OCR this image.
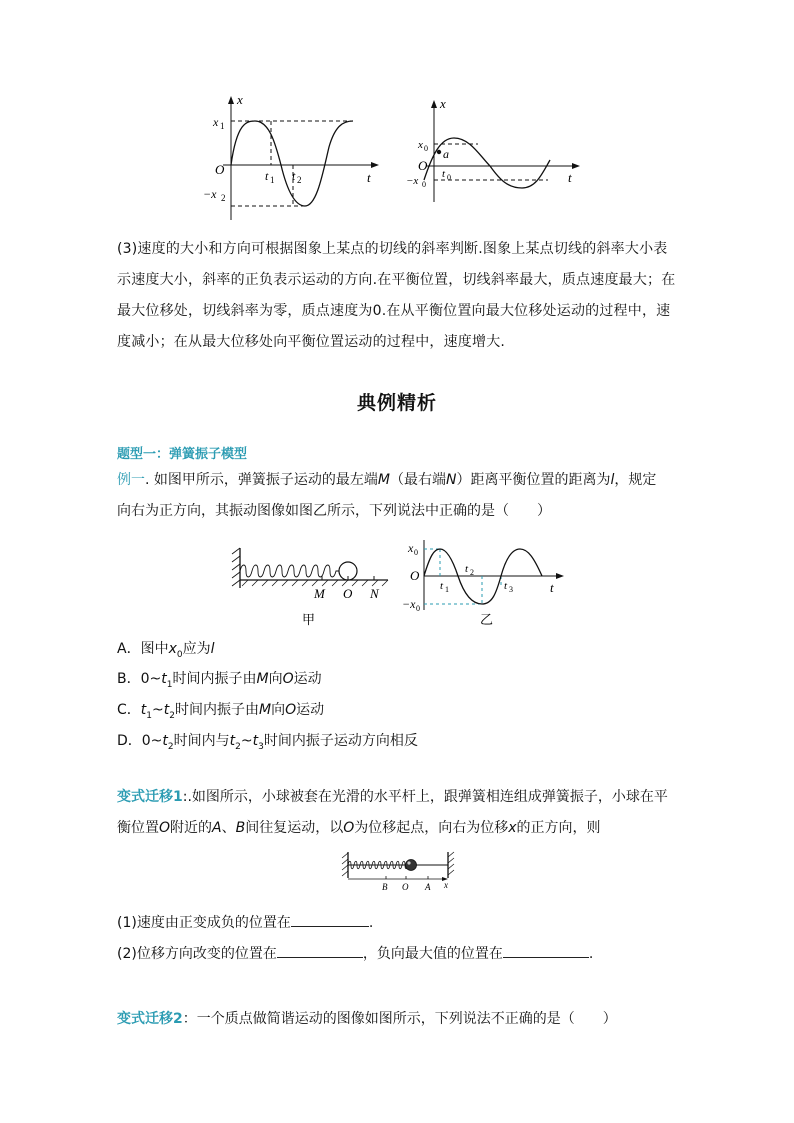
x
t
O
x 1
−x 2
t 1 t 2
x
t
O
x 0
−x 0
a
t 0
(3)速度的大小和方向可根据图象上某点的切线的斜率判断.图象上某点切线的斜率大小表示速度大小，斜率的正负表示运动的方向.在平衡位置，切线斜率最大，质点速度最大；在最大位移处，切线斜率为零，质点速度为0.在从平衡位置向最大位移处运动的过程中，速度减小；在从最大位移处向平衡位置运动的过程中，速度增大.
典例精析
题型一：弹簧振子模型
例一. 如图甲所示，弹簧振子运动的最左端M（最右端N）距离平衡位置的距离为l，规定
向右为正方向，其振动图像如图乙所示，下列说法中正确的是（　　）
M O N
甲
x 0
O
−x 0
t
t 1
t 2
t 3
乙
A．图中$x_0$应为l
B．$0\sim t_1$时间内振子由M向O运动
C．$t_1\sim t_2$时间内振子由M向O运动
D．$0\sim t_2$时间内与$t_2\sim t_3$时间内振子运动方向相反
变式迁移1:.如图所示，小球被套在光滑的水平杆上，跟弹簧相连组成弹簧振子，小球在平
衡位置O附近的A、B间往复运动，以O为位移起点，向右为位移x的正方向，则
B O A x
(1)速度由正变成负的位置在	.
(2)位移方向改变的位置在	，负向最大值的位置在	.
变式迁移2：一个质点做简谐运动的图像如图所示，下列说法不正确的是（　　）
